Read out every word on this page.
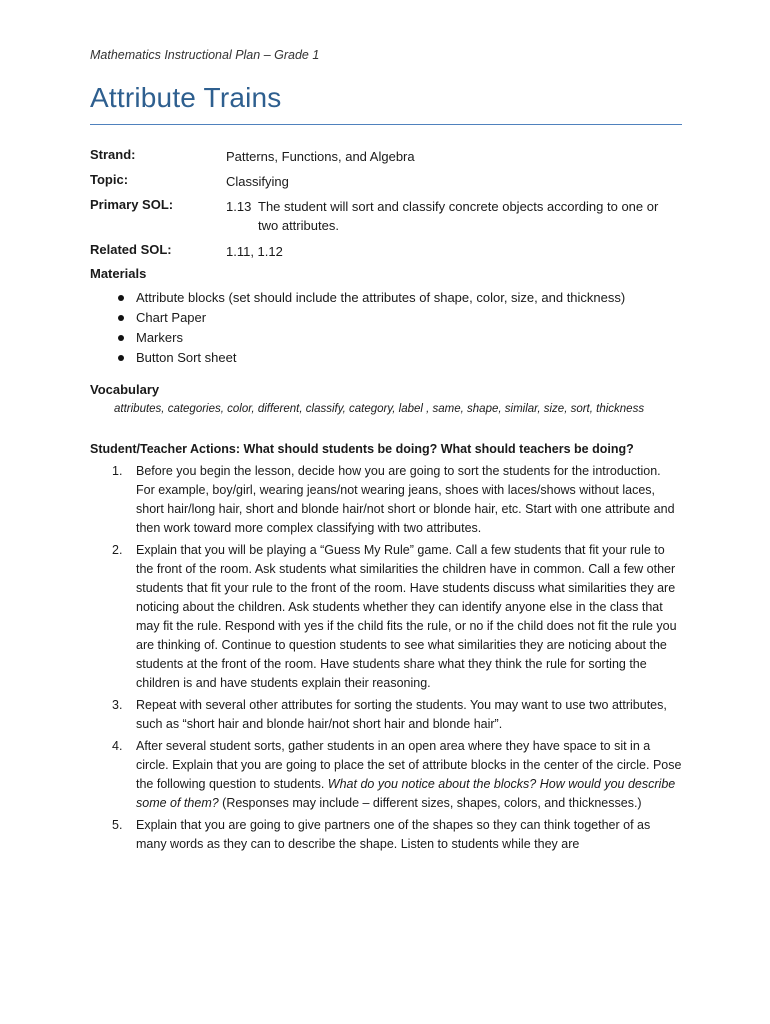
Mathematics Instructional Plan – Grade 1
Attribute Trains
Strand:	Patterns, Functions, and Algebra
Topic:	Classifying
Primary SOL:	1.13 The student will sort and classify concrete objects according to one or two attributes.
Related SOL:	1.11, 1.12
Materials
Attribute blocks (set should include the attributes of shape, color, size, and thickness)
Chart Paper
Markers
Button Sort sheet
Vocabulary
attributes, categories, color, different, classify, category, label , same, shape, similar, size, sort, thickness
Student/Teacher Actions: What should students be doing? What should teachers be doing?
1. Before you begin the lesson, decide how you are going to sort the students for the introduction. For example, boy/girl, wearing jeans/not wearing jeans, shoes with laces/shows without laces, short hair/long hair, short and blonde hair/not short or blonde hair, etc. Start with one attribute and then work toward more complex classifying with two attributes.
2. Explain that you will be playing a “Guess My Rule” game. Call a few students that fit your rule to the front of the room. Ask students what similarities the children have in common. Call a few other students that fit your rule to the front of the room. Have students discuss what similarities they are noticing about the children. Ask students whether they can identify anyone else in the class that may fit the rule. Respond with yes if the child fits the rule, or no if the child does not fit the rule you are thinking of. Continue to question students to see what similarities they are noticing about the students at the front of the room. Have students share what they think the rule for sorting the children is and have students explain their reasoning.
3. Repeat with several other attributes for sorting the students. You may want to use two attributes, such as “short hair and blonde hair/not short hair and blonde hair”.
4. After several student sorts, gather students in an open area where they have space to sit in a circle. Explain that you are going to place the set of attribute blocks in the center of the circle. Pose the following question to students. What do you notice about the blocks? How would you describe some of them? (Responses may include – different sizes, shapes, colors, and thicknesses.)
5. Explain that you are going to give partners one of the shapes so they can think together of as many words as they can to describe the shape. Listen to students while they are
